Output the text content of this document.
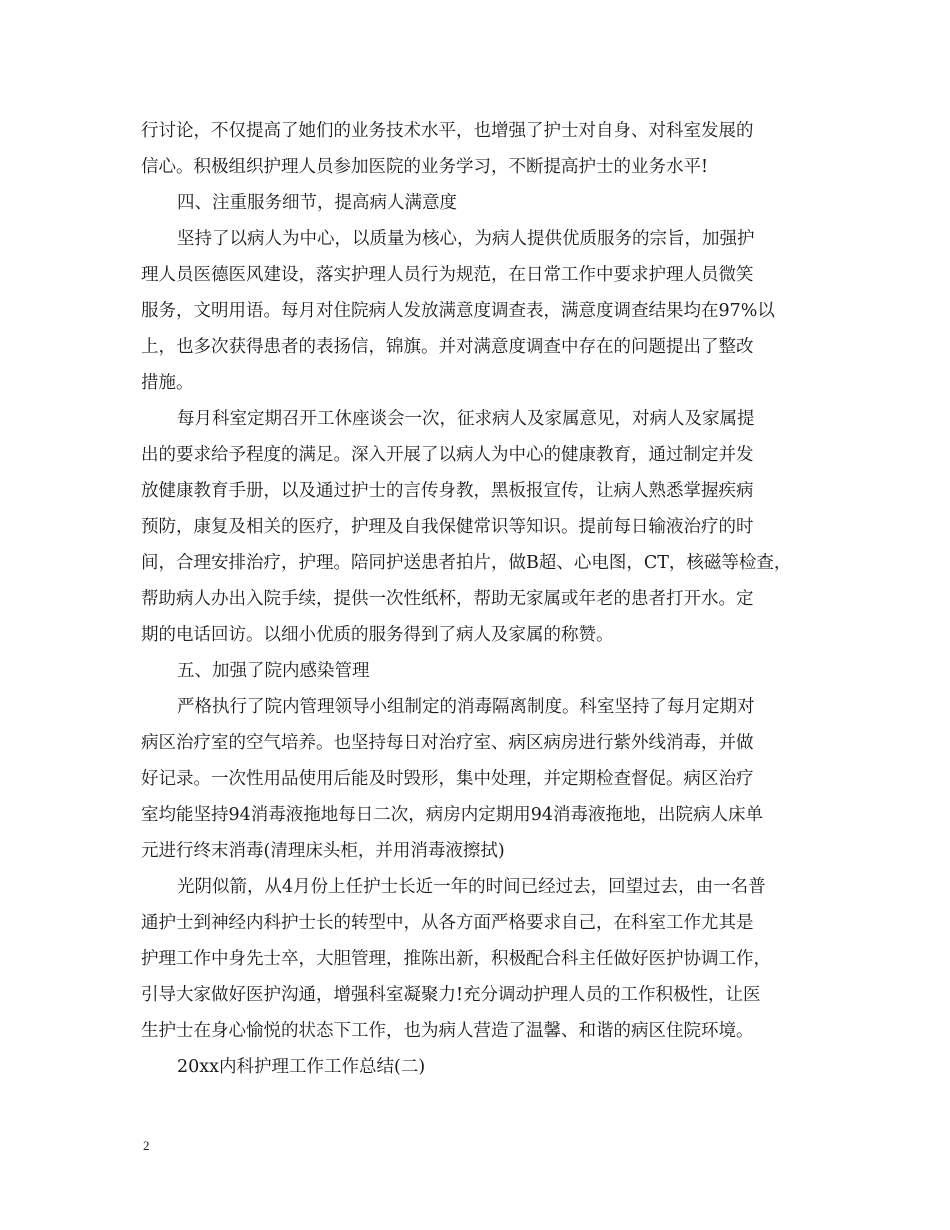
行讨论，不仅提高了她们的业务技术水平，也增强了护士对自身、对科室发展的
信心。积极组织护理人员参加医院的业务学习，不断提高护士的业务水平!
四、注重服务细节，提高病人满意度
坚持了以病人为中心，以质量为核心，为病人提供优质服务的宗旨，加强护
理人员医德医风建设，落实护理人员行为规范，在日常工作中要求护理人员微笑
服务，文明用语。每月对住院病人发放满意度调查表，满意度调查结果均在97%以
上，也多次获得患者的表扬信，锦旗。并对满意度调查中存在的问题提出了整改
措施。
每月科室定期召开工休座谈会一次，征求病人及家属意见，对病人及家属提
出的要求给予程度的满足。深入开展了以病人为中心的健康教育，通过制定并发
放健康教育手册，以及通过护士的言传身教，黑板报宣传，让病人熟悉掌握疾病
预防，康复及相关的医疗，护理及自我保健常识等知识。提前每日输液治疗的时
间，合理安排治疗，护理。陪同护送患者拍片，做B超、心电图，CT，核磁等检查，
帮助病人办出入院手续，提供一次性纸杯，帮助无家属或年老的患者打开水。定
期的电话回访。以细小优质的服务得到了病人及家属的称赞。
五、加强了院内感染管理
严格执行了院内管理领导小组制定的消毒隔离制度。科室坚持了每月定期对
病区治疗室的空气培养。也坚持每日对治疗室、病区病房进行紫外线消毒，并做
好记录。一次性用品使用后能及时毁形，集中处理，并定期检查督促。病区治疗
室均能坚持94消毒液拖地每日二次，病房内定期用94消毒液拖地，出院病人床单
元进行终末消毒(清理床头柜，并用消毒液擦拭)
光阴似箭，从4月份上任护士长近一年的时间已经过去，回望过去，由一名普
通护士到神经内科护士长的转型中，从各方面严格要求自己，在科室工作尤其是
护理工作中身先士卒，大胆管理，推陈出新，积极配合科主任做好医护协调工作，
引导大家做好医护沟通，增强科室凝聚力!充分调动护理人员的工作积极性，让医
生护士在身心愉悦的状态下工作，也为病人营造了温馨、和谐的病区住院环境。
20xx内科护理工作工作总结(二)
2
